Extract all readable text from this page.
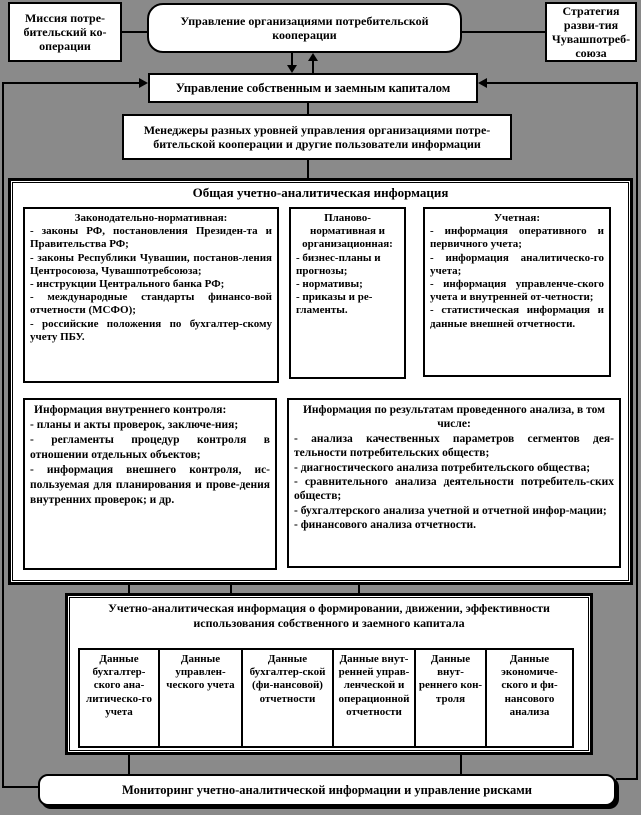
Миссия потре-бительский ко-операции
Управление организациями потребительской кооперации
Стратегия разви-тия Чувашпотреб-союза
Управление собственным и заемным капиталом
Менеджеры разных уровней управления организациями потре-бительской кооперации и другие пользователи информации
Общая учетно-аналитическая информация
Законодательно-нормативная:
- законы РФ, постановления Президен-та и Правительства РФ;
- законы Республики Чувашии, постанов-ления Центросоюза, Чувашпотребсоюза;
- инструкции Центрального банка РФ;
- международные стандарты финансо-вой отчетности (МСФО);
- российские положения по бухгалтер-скому учету ПБУ.
Планово-нормативная и организационная:
- бизнес-планы и прогнозы;
- нормативы;
- приказы и ре-гламенты.
Учетная:
- информация оперативного и первичного учета;
- информация аналитическо-го учета;
- информация управленче-ского учета и внутренней от-четности;
- статистическая информация и данные внешней отчетности.
Информация внутреннего контроля:
- планы и акты проверок, заключе-ния;
- регламенты процедур контроля в отношении отдельных объектов;
- информация внешнего контроля, ис-пользуемая для планирования и прове-дения внутренних проверок; и др.
Информация по результатам проведенного анализа, в том числе:
- анализа качественных параметров сегментов дея-тельности потребительских обществ;
- диагностического анализа потребительского общества;
- сравнительного анализа деятельности потребитель-ских обществ;
- бухгалтерского анализа учетной и отчетной инфор-мации;
- финансового анализа отчетности.
Учетно-аналитическая информация о формировании, движении, эффективности использования собственного и заемного капитала
Данные бухгалтер-ского ана-литическо-го учета
Данные управлен-ческого учета
Данные бухгалтер-ской (фи-нансовой) отчетности
Данные внут-ренней управ-ленческой и операционной отчетности
Данные внут-реннего кон-троля
Данные экономиче-ского и фи-нансового анализа
Мониторинг учетно-аналитической информации и управление рисками
